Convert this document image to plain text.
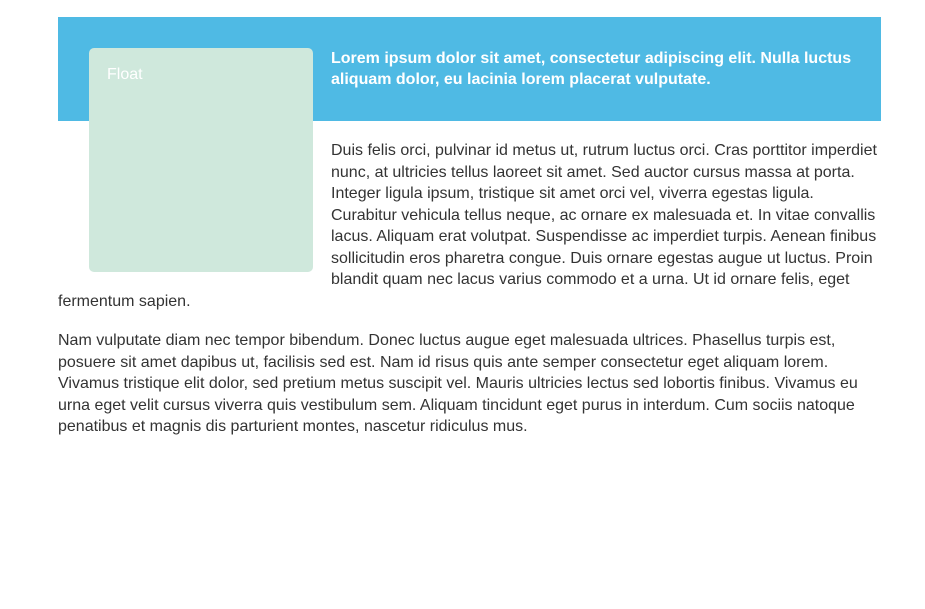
Float

Lorem ipsum dolor sit amet, consectetur adipiscing elit. Nulla luctus aliquam dolor, eu lacinia lorem placerat vulputate.

Duis felis orci, pulvinar id metus ut, rutrum luctus orci. Cras porttitor imperdiet nunc, at ultricies tellus laoreet sit amet. Sed auctor cursus massa at porta. Integer ligula ipsum, tristique sit amet orci vel, viverra egestas ligula. Curabitur vehicula tellus neque, ac ornare ex malesuada et. In vitae convallis lacus. Aliquam erat volutpat. Suspendisse ac imperdiet turpis. Aenean finibus sollicitudin eros pharetra congue. Duis ornare egestas augue ut luctus. Proin blandit quam nec lacus varius commodo et a urna. Ut id ornare felis, eget fermentum sapien.

Nam vulputate diam nec tempor bibendum. Donec luctus augue eget malesuada ultrices. Phasellus turpis est, posuere sit amet dapibus ut, facilisis sed est. Nam id risus quis ante semper consectetur eget aliquam lorem. Vivamus tristique elit dolor, sed pretium metus suscipit vel. Mauris ultricies lectus sed lobortis finibus. Vivamus eu urna eget velit cursus viverra quis vestibulum sem. Aliquam tincidunt eget purus in interdum. Cum sociis natoque penatibus et magnis dis parturient montes, nascetur ridiculus mus.
